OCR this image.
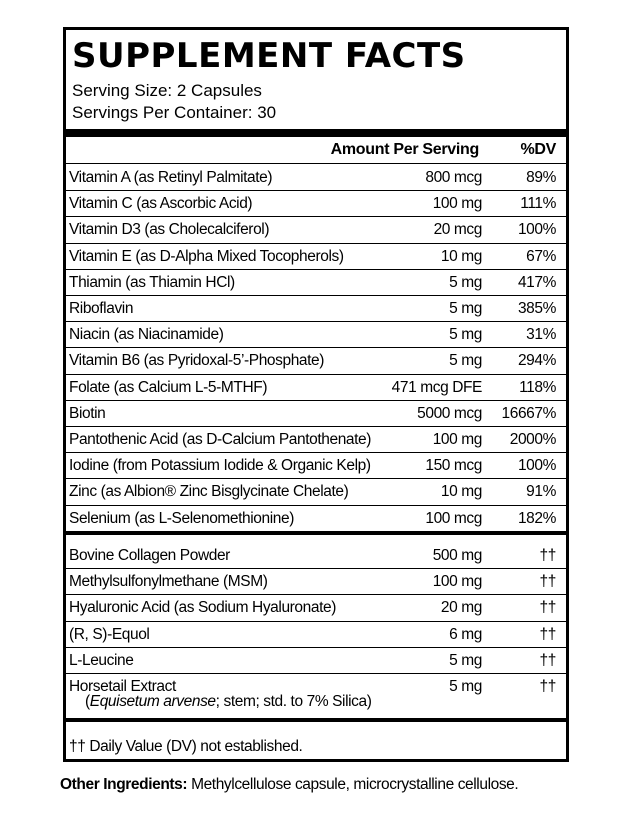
SUPPLEMENT FACTS
Serving Size: 2 Capsules
Servings Per Container: 30
Amount Per Serving	%DV
Vitamin A (as Retinyl Palmitate)	800 mcg	89%
Vitamin C (as Ascorbic Acid)	100 mg 111%
Vitamin D3 (as Cholecalciferol)	20 mcg 100%
Vitamin E (as D-Alpha Mixed Tocopherols)	10 mg	67%
Thiamin (as Thiamin HCl)	5 mg 417%
Riboflavin	5 mg 385%
Niacin (as Niacinamide)	5 mg	31%
Vitamin B6 (as Pyridoxal-5’-Phosphate)	5 mg 294%
Folate (as Calcium L-5-MTHF)	471 mcg DFE 118%
Biotin	5000 mcg 16667%
Pantothenic Acid (as D-Calcium Pantothenate)	100 mg 2000%
Iodine (from Potassium Iodide & Organic Kelp)	150 mcg 100%
Zinc (as Albion® Zinc Bisglycinate Chelate)	10 mg	91%
Selenium (as L-Selenomethionine)	100 mcg 182%
Bovine Collagen Powder	500 mg	††
Methylsulfonylmethane (MSM)	100 mg	††
Hyaluronic Acid (as Sodium Hyaluronate)	20 mg	††
(R, S)-Equol	6 mg	††
L-Leucine	5 mg	††
Horsetail Extract	5 mg	††
(Equisetum arvense; stem; std. to 7% Silica)
†† Daily Value (DV) not established.
Other Ingredients: Methylcellulose capsule, microcrystalline cellulose.
